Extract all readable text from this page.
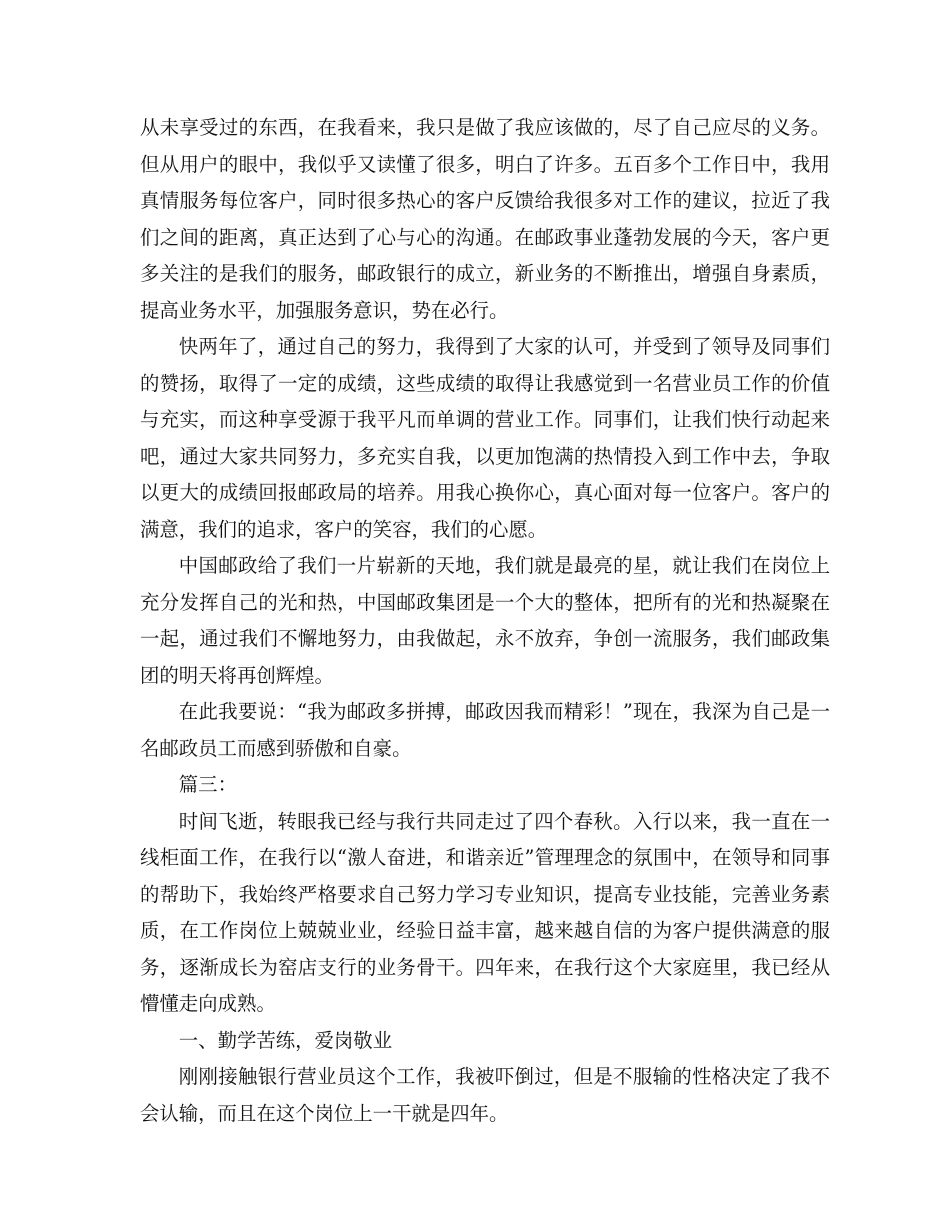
从未享受过的东西，在我看来，我只是做了我应该做的，尽了自己应尽的义务。但从用户的眼中，我似乎又读懂了很多，明白了许多。五百多个工作日中，我用真情服务每位客户，同时很多热心的客户反馈给我很多对工作的建议，拉近了我们之间的距离，真正达到了心与心的沟通。在邮政事业蓬勃发展的今天，客户更多关注的是我们的服务，邮政银行的成立，新业务的不断推出，增强自身素质，提高业务水平，加强服务意识，势在必行。

快两年了，通过自己的努力，我得到了大家的认可，并受到了领导及同事们的赞扬，取得了一定的成绩，这些成绩的取得让我感觉到一名营业员工作的价值与充实，而这种享受源于我平凡而单调的营业工作。同事们，让我们快行动起来吧，通过大家共同努力，多充实自我，以更加饱满的热情投入到工作中去，争取以更大的成绩回报邮政局的培养。用我心换你心，真心面对每一位客户。客户的满意，我们的追求，客户的笑容，我们的心愿。

中国邮政给了我们一片崭新的天地，我们就是最亮的星，就让我们在岗位上充分发挥自己的光和热，中国邮政集团是一个大的整体，把所有的光和热凝聚在一起，通过我们不懈地努力，由我做起，永不放弃，争创一流服务，我们邮政集团的明天将再创辉煌。

在此我要说：“我为邮政多拼搏，邮政因我而精彩！”现在，我深为自己是一名邮政员工而感到骄傲和自豪。

篇三：

时间飞逝，转眼我已经与我行共同走过了四个春秋。入行以来，我一直在一线柜面工作，在我行以“激人奋进，和谐亲近”管理理念的氛围中，在领导和同事的帮助下，我始终严格要求自己努力学习专业知识，提高专业技能，完善业务素质，在工作岗位上兢兢业业，经验日益丰富，越来越自信的为客户提供满意的服务，逐渐成长为窑店支行的业务骨干。四年来，在我行这个大家庭里，我已经从懵懂走向成熟。

一、勤学苦练，爱岗敬业

刚刚接触银行营业员这个工作，我被吓倒过，但是不服输的性格决定了我不会认输，而且在这个岗位上一干就是四年。
